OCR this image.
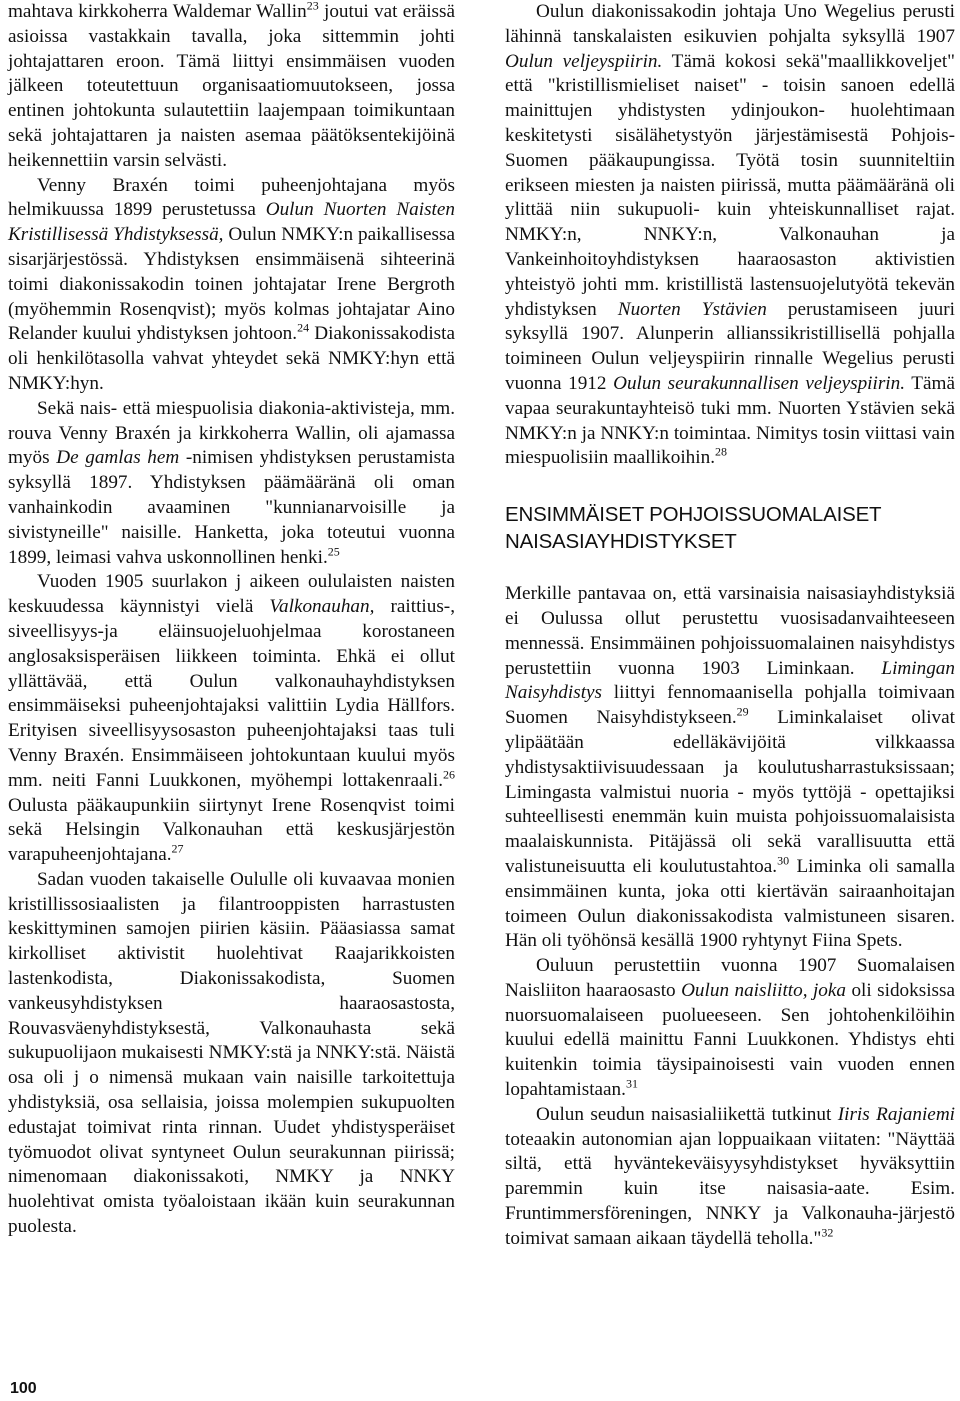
mahtava kirkkoherra Waldemar Wallin$^{23}$ joutui vat eräissä asioissa vastakkain tavalla, joka sittemmin johti johtajattaren eroon. Tämä liittyi ensimmäisen vuoden jälkeen toteutettuun organisaatiomuutokseen, jossa entinen johtokunta sulautettiin laajempaan toimikuntaan sekä johtajattaren ja naisten asemaa päätöksentekijöinä heikennettiin varsin selvästi.

Venny Braxén toimi puheenjohtajana myös helmikuussa 1899 perustetussa Oulun Nuorten Naisten Kristillisessä Yhdistyksessä, Oulun NMKY:n paikallisessa sisarjärjestössä. Yhdistyksen ensimmäisenä sihteerinä toimi diakonissakodin toinen johtajatar Irene Bergroth (myöhemmin Rosenqvist); myös kolmas johtajatar Aino Relander kuului yhdistyksen johtoon.$^{24}$ Diakonissakodista oli henkilötasolla vahvat yhteydet sekä NMKY:hyn että NMKY:hyn.

Sekä nais- että miespuolisia diakonia-aktivisteja, mm. rouva Venny Braxén ja kirkkoherra Wallin, oli ajamassa myös De gamlas hem -nimisen yhdistyksen perustamista syksyllä 1897. Yhdistyksen päämääränä oli oman vanhainkodin avaaminen "kunnianarvoisille ja sivistyneille" naisille. Hanketta, joka toteutui vuonna 1899, leimasi vahva uskonnollinen henki.$^{25}$

Vuoden 1905 suurlakon j aikeen oululaisten naisten keskuudessa käynnistyi vielä Valkonauhan, raittius-, siveellisyys-ja eläinsuojeluohjelmaa korostaneen anglosaksisperäisen liikkeen toiminta. Ehkä ei ollut yllättävää, että Oulun valkonauhayhdistyksen ensimmäiseksi puheenjohtajaksi valittiin Lydia Hällfors. Erityisen siveellisyysosaston puheenjohtajaksi taas tuli Venny Braxén. Ensimmäiseen johtokuntaan kuului myös mm. neiti Fanni Luukkonen, myöhempi lottakenraali.$^{26}$ Oulusta pääkaupunkiin siirtynyt Irene Rosenqvist toimi sekä Helsingin Valkonauhan että keskusjärjestön varapuheenjohtajana.$^{27}$

Sadan vuoden takaiselle Oululle oli kuvaavaa monien kristillissosiaalisten ja filantrooppisten harrastusten keskittyminen samojen piirien käsiin. Pääasiassa samat kirkolliset aktivistit huolehtivat Raajarikkoisten lastenkodista, Diakonissakodista, Suomen vankeusyhdistyksen haaraosastosta, Rouvasväenyhdistyksestä, Valkonauhasta sekä sukupuolijaon mukaisesti NMKY:stä ja NNKY:stä. Näistä osa oli j o nimensä mukaan vain naisille tarkoitettuja yhdistyksiä, osa sellaisia, joissa molempien sukupuolten edustajat toimivat rinta rinnan. Uudet yhdistysperäiset työmuodot olivat syntyneet Oulun seurakunnan piirissä; nimenomaan diakonissakoti, NMKY ja NNKY huolehtivat omista työaloistaan ikään kuin seurakunnan puolesta.

Oulun diakonissakodin johtaja Uno Wegelius perusti lähinnä tanskalaisten esikuvien pohjalta syksyllä 1907 Oulun veljeyspiirin. Tämä kokosi sekä"maallikkoveljet" että "kristillismieliset naiset" - toisin sanoen edellä mainittujen yhdistysten ydinjoukon- huolehtimaan keskitetysti sisälähetystyön järjestämisestä Pohjois-Suomen pääkaupungissa. Työtä tosin suunniteltiin erikseen miesten ja naisten piirissä, mutta päämääränä oli ylittää niin sukupuoli- kuin yhteiskunnalliset rajat. NMKY:n, NNKY:n, Valkonauhan ja Vankeinhoitoyhdistyksen haaraosaston aktivistien yhteistyö johti mm. kristillistä lastensuojelutyötä tekevän yhdistyksen Nuorten Ystävien perustamiseen juuri syksyllä 1907. Alunperin allianssikristillisellä pohjalla toimineen Oulun veljeyspiirin rinnalle Wegelius perusti vuonna 1912 Oulun seurakunnallisen veljeyspiirin. Tämä vapaa seurakuntayhteisö tuki mm. Nuorten Ystävien sekä NMKY:n ja NNKY:n toimintaa. Nimitys tosin viittasi vain miespuolisiin maallikoihin.$^{28}$

ENSIMMÄISET POHJOISSUOMALAISET
NAISASIAYHDISTYKSET

Merkille pantavaa on, että varsinaisia naisasiayhdistyksiä ei Oulussa ollut perustettu vuosisadanvaihteeseen mennessä. Ensimmäinen pohjoissuomalainen naisyhdistys perustettiin vuonna 1903 Liminkaan. Limingan Naisyhdistys liittyi fennomaanisella pohjalla toimivaan Suomen Naisyhdistykseen.$^{29}$ Liminkalaiset olivat ylipäätään edelläkävijöitä vilkkaassa yhdistysaktiivisuudessaan ja koulutusharrastuksissaan; Limingasta valmistui nuoria - myös tyttöjä - opettajiksi suhteellisesti enemmän kuin muista pohjoissuomalaisista maalaiskunnista. Pitäjässä oli sekä varallisuutta että valistuneisuutta eli koulutustahtoa.$^{30}$ Liminka oli samalla ensimmäinen kunta, joka otti kiertävän sairaanhoitajan toimeen Oulun diakonissakodista valmistuneen sisaren. Hän oli työhönsä kesällä 1900 ryhtynyt Fiina Spets.

Ouluun perustettiin vuonna 1907 Suomalaisen Naisliiton haaraosasto Oulun naisliitto, joka oli sidoksissa nuorsuomalaiseen puolueeseen. Sen johtohenkilöihin kuului edellä mainittu Fanni Luukkonen. Yhdistys ehti kuitenkin toimia täysipainoisesti vain vuoden ennen lopahtamistaan.$^{31}$

Oulun seudun naisasialiikettä tutkinut Iiris Rajaniemi toteaakin autonomian ajan loppuaikaan viitaten: "Näyttää siltä, että hyväntekeväisyysyhdistykset hyväksyttiin paremmin kuin itse naisasia-aate. Esim. Fruntimmersföreningen, NNKY ja Valkonauha-järjestö toimivat samaan aikaan täydellä teholla."$^{32}$

100
